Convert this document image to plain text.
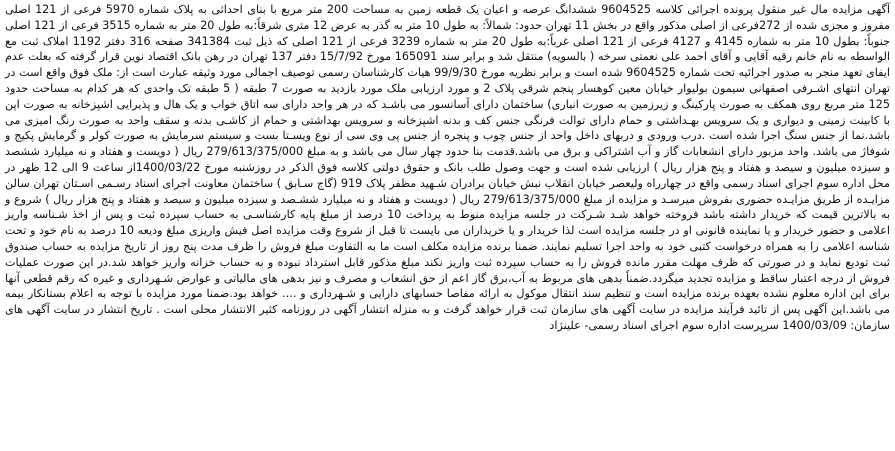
آگهی مزایده مال غیر منقول پرونده اجرائی کلاسه 9604525 ششدانگ عرصه و اعیان یک قطعه زمین به مساحت 200 متر مربع با بنای احداثی به پلاک شماره 5970 فرعی از 121 اصلی مفروز و مجزی شده از 272فرعی از اصلی مذکور واقع در بخش 11 تهران حدود: شمالاً: به طول 10 متر به گذر به عرض 12 متری شرقاً:به طول 20 متر به شماره 3515 فرعی از 121 اصلی جنوباً: بطول 10 متر به شماره 4145 و 4127 فرعی از 121 اصلی غرباً:به طول 20 متر به شماره 3239 فرعی از 121 اصلی که ذیل ثبت 341384 صفحه 316 دفتر 1192 املاک ثبت مع الواسطه به نام خانم رقیه آقایی و آقای احمد علی نعمتی سرخه ( بالسویه) منتقل شد و برابر سند 165091 مورخ 15/7/92 دفتر 137 تهران در رهن بانک اقتصاد نوین قرار گرفته که بعلت عدم ایفای تعهد منجر به صدور اجرائیه تحت شماره 9604525 شده است و برابر نظریه مورخ 99/9/30 هیات کارشناسان رسمی توصیف اجمالی مورد وثیقه عبارت است از: ملک فوق واقع است در تهران انتهای اشـرفی اصفهانی سیمون بولیوار خیابان معین کوهسار پنجم شرقی پلاک 2 و مورد ارزیابی ملک مورد بازدید به صورت 7 طبقه ( 5 طبقه تک واحدی که هر کدام به مساحت حدود 125 متر مربع روی همکف به صورت پارکینگ و زیرزمین به صورت انباری) ساختمان دارای آسانسور می باشـد که در هر واحد دارای سه اتاق خواب و یک هال و پذیرایی اشپزخانه به صورت اپن با کابینت زمینی و دیواری و یک سرویس بهـداشتی و حمام دارای توالت فرنگی جنس کف و بدنه اشپزخانه و سرویس بهداشتی و حمام از کاشـی بدنه و سقف واحد به صورت رنگ امیزی می باشد.نما از جنس سنگ اجرا شده است .درب ورودی و دربهای داخل واحد از جنس چوب و پنجره از جنس پی وی سی از نوع ویسـتا بست و سیستم سرمایش به صورت کولر و گرمایش پکیج و شوفاژ می باشد. واحد مزبور دارای انشعابات گاز و آب اشتراکی و برق می باشد.قدمت بنا حدود چهار سال می باشد و به مبلغ 279/613/375/000 ریال ( دویست و هفتاد و نه میلیارد ششصد و سیزده میلیون و سیصد و هفتاد و پنج هزار ریال ) ارزیابی شده است و جهت وصول طلب بانک و حقوق دولتی کلاسه فوق الذکر در روزشنبه مورخ 1400/03/22از ساعت 9 الی 12 ظهر در محل اداره سوم اجرای اسناد رسمی واقع در چهارراه ولیعصر خیابان انقلاب نبش خیابان برادران شـهید مظفر پلاک 919 (گاج سـابق ) ساختمان معاونت اجرای اسناد رسـمی اسـتان تهران سالن مزایـده از طریق مزایـده حضوری بفروش میرسـد و مزایده از مبلغ 279/613/375/000 ریال ( دویست و هفتاد و نه میلیارد ششـصد و سیزده میلیون و سیصد و هفتاد و پنج هزار ریال ) شروع و به بالاترین قیمت که خریدار داشته باشد فروخته خواهد شـد شـرکت در جلسه مزایده منوط به پرداخت 10 درصد از مبلغ پایه کارشناسـی به حساب سپرده ثبت و پس از اخذ شـناسه واریز اعلامی و حضور خریدار و یا نماینده قانونی او در جلسه مزایده است لذا خریدار و یا خریداران می بایست تا قبل از شروع وقت مزایده اصل فیش واریزی مبلغ ودیعه 10 درصد به نام خود و تحت شناسه اعلامی را به همراه درخواست کتبی خود به واحد اجرا تسلیم نمایند. ضمنا برنده مزایده مکلف است ما به التفاوت مبلغ فروش را ظرف مدت پنج روز از تاریخ مزایده به حساب صندوق ثبت تودیع نماید و در صورتی که ظرف مهلت مقرر مانده فروش را به حساب سپرده ثبت واریز نکند مبلغ مذکور قابل استرداد نبوده و به حساب خزانه واریز خواهد شد.در این صورت عملیات فروش از درجه اعتبار ساقط و مزایده تجدید میگردد.ضمناً بدهی های مربوط به آب،برق گاز اعم از حق انشعاب و مصرف و نیز بدهی های مالیاتی و عوارض شـهرداری و غیره که رقم قطعی آنها برای این اداره معلوم نشده بعهده برنده مزایده است و تنظیم سند انتقال موکول به ارائه مفاصا حسابهای دارایی و شـهرداری و .... خواهد بود.ضمنا مورد مزایده با توجه به اعلام بستانکار بیمه می باشد.این آگهی پس از تائید فرآیند مزایده در سایت آگهی های سازمان ثبت قرار خواهد گرفت و به منزله انتشار آگهی در روزنامه کثیر الانتشار محلی است . تاریخ انتشار در سایت آگهی های سازمان: 1400/03/09 سرپرست اداره سوم اجرای اسناد رسمی- علینژاد
